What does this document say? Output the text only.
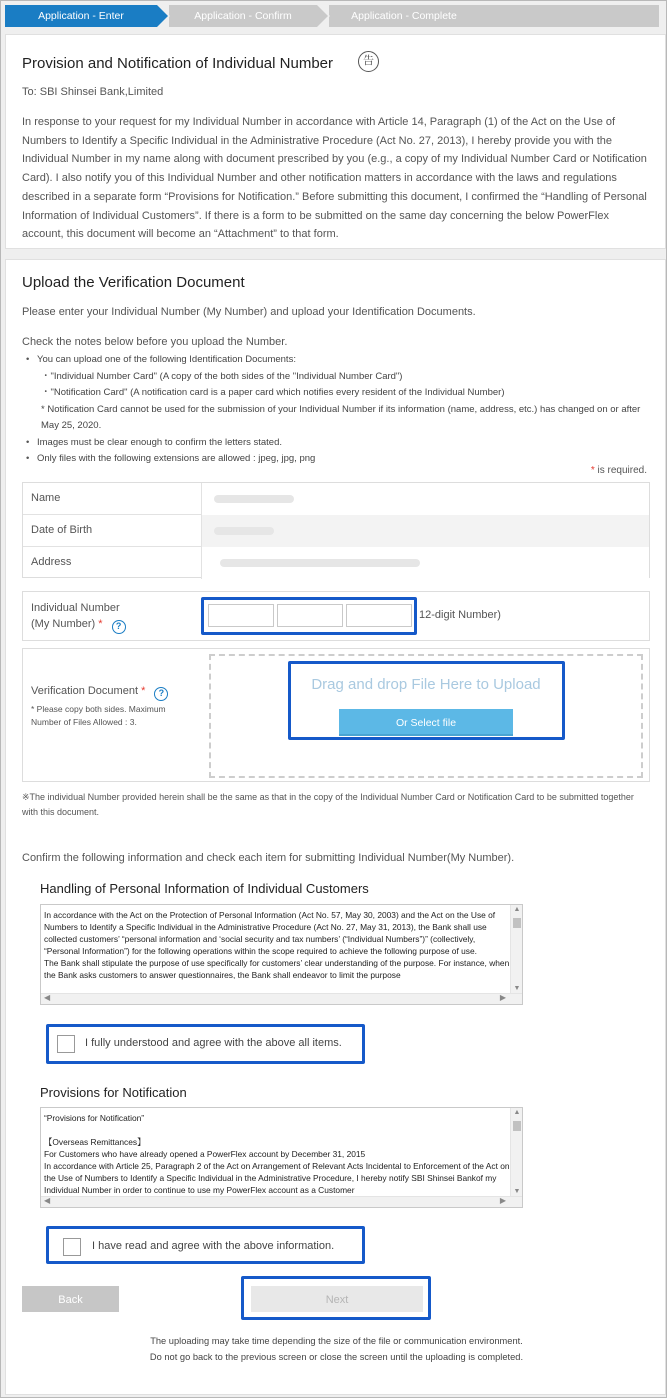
Application - Enter	Application - Confirm	Application - Complete
Provision and Notification of Individual Number	告
To: SBI Shinsei Bank,Limited
In response to your request for my Individual Number in accordance with Article 14, Paragraph (1) of the Act on the Use of Numbers to Identify a Specific Individual in the Administrative Procedure (Act No. 27, 2013), I hereby provide you with the Individual Number in my name along with document prescribed by you (e.g., a copy of my Individual Number Card or Notification Card). I also notify you of this Individual Number and other notification matters in accordance with the laws and regulations described in a separate form “Provisions for Notification.” Before submitting this document, I confirmed the “Handling of Personal Information of Individual Customers”. If there is a form to be submitted on the same day concerning the below PowerFlex account, this document will become an “Attachment” to that form.
Upload the Verification Document
Please enter your Individual Number (My Number) and upload your Identification Documents.
Check the notes below before you upload the Number.
• You can upload one of the following Identification Documents:
・"Individual Number Card" (A copy of the both sides of the "Individual Number Card")
・"Notification Card" (A notification card is a paper card which notifies every resident of the Individual Number)
* Notification Card cannot be used for the submission of your Individual Number if its information (name, address, etc.) has changed on or after May 25, 2020.
• Images must be clear enough to confirm the letters stated.
• Only files with the following extensions are allowed : jpeg, jpg, png
* is required.
Name
Date of Birth
Address
Individual Number
(My Number) * ?
12-digit Number)
Verification Document * ?
* Please copy both sides. Maximum Number of Files Allowed : 3.
Drag and drop File Here to Upload
Or Select file
※The individual Number provided herein shall be the same as that in the copy of the Individual Number Card or Notification Card to be submitted together with this document.
Confirm the following information and check each item for submitting Individual Number(My Number).
Handling of Personal Information of Individual Customers
In accordance with the Act on the Protection of Personal Information (Act No. 57, May 30, 2003) and the Act on the Use of Numbers to Identify a Specific Individual in the Administrative Procedure (Act No. 27, May 31, 2013), the Bank shall use collected customers’ “personal information and ‘social security and tax numbers’ (“Individual Numbers”)” (collectively, “Personal Information”) for the following operations within the scope required to achieve the following purpose of use.
The Bank shall stipulate the purpose of use specifically for customers’ clear understanding of the purpose. For instance, when the Bank asks customers to answer questionnaires, the Bank shall endeavor to limit the purpose
▲
▼
◀	▶
I fully understood and agree with the above all items.
Provisions for Notification
“Provisions for Notification”

【Overseas Remittances】
For Customers who have already opened a PowerFlex account by December 31, 2015
In accordance with Article 25, Paragraph 2 of the Act on Arrangement of Relevant Acts Incidental to Enforcement of the Act on the Use of Numbers to Identify a Specific Individual in the Administrative Procedure, I hereby notify SBI Shinsei Bankof my Individual Number in order to continue to use my PowerFlex account as a Customer
▲
▼
◀	▶
I have read and agree with the above information.
Back	Next
The uploading may take time depending the size of the file or communication environment.
Do not go back to the previous screen or close the screen until the uploading is completed.
